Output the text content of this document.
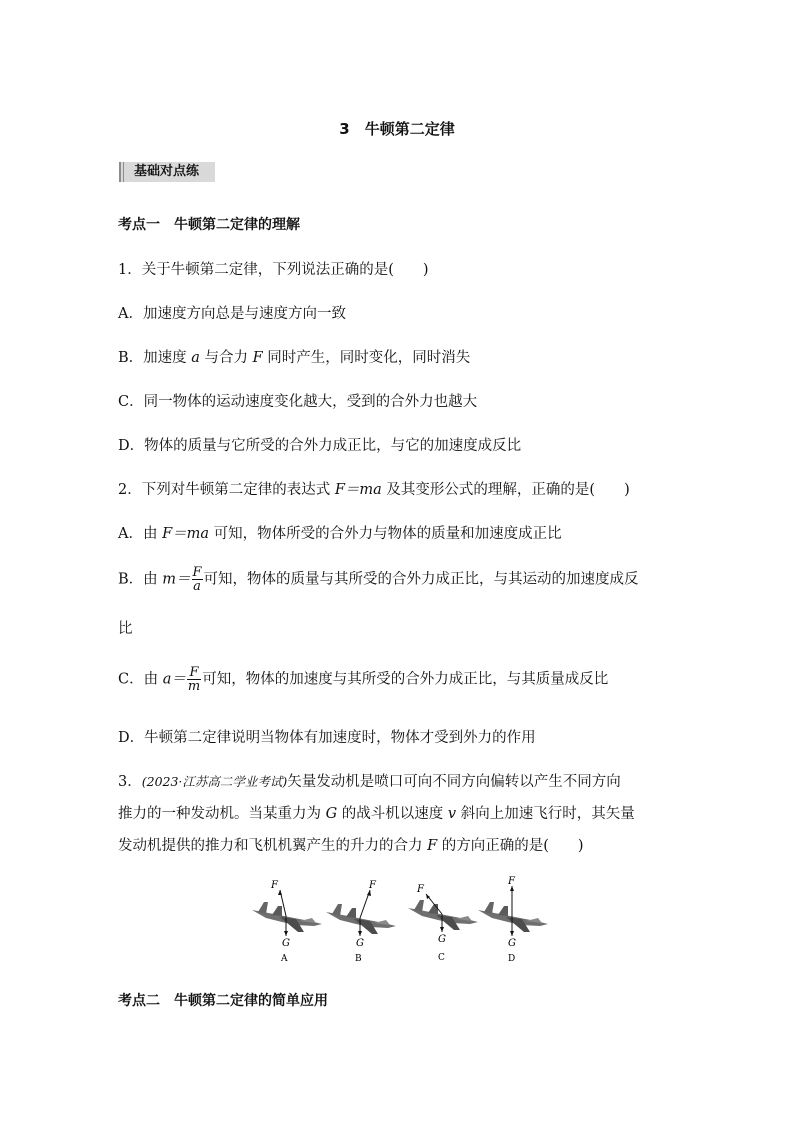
3　牛顿第二定律
基础对点练
考点一　牛顿第二定律的理解
1．关于牛顿第二定律，下列说法正确的是(　　)
A．加速度方向总是与速度方向一致
B．加速度 a 与合力 F 同时产生，同时变化，同时消失
C．同一物体的运动速度变化越大，受到的合外力也越大
D．物体的质量与它所受的合外力成正比，与它的加速度成反比
2．下列对牛顿第二定律的表达式 F＝ma 及其变形公式的理解，正确的是(　　)
A．由 F＝ma 可知，物体所受的合外力与物体的质量和加速度成正比
B．由 $m= \frac{F}{a}$ 可知，物体的质量与其所受的合外力成正比，与其运动的加速度成反
比
C．由 $a= \frac{F}{m}$ 可知，物体的加速度与其所受的合外力成正比，与其质量成反比
D．牛顿第二定律说明当物体有加速度时，物体才受到外力的作用
3．(2023·江苏高二学业考试)矢量发动机是喷口可向不同方向偏转以产生不同方向
推力的一种发动机。当某重力为 G 的战斗机以速度 v 斜向上加速飞行时，其矢量
发动机提供的推力和飞机机翼产生的升力的合力 F 的方向正确的是(　　)
F
G
A
F
G
B
F
G
C
F
G
D
考点二　牛顿第二定律的简单应用
